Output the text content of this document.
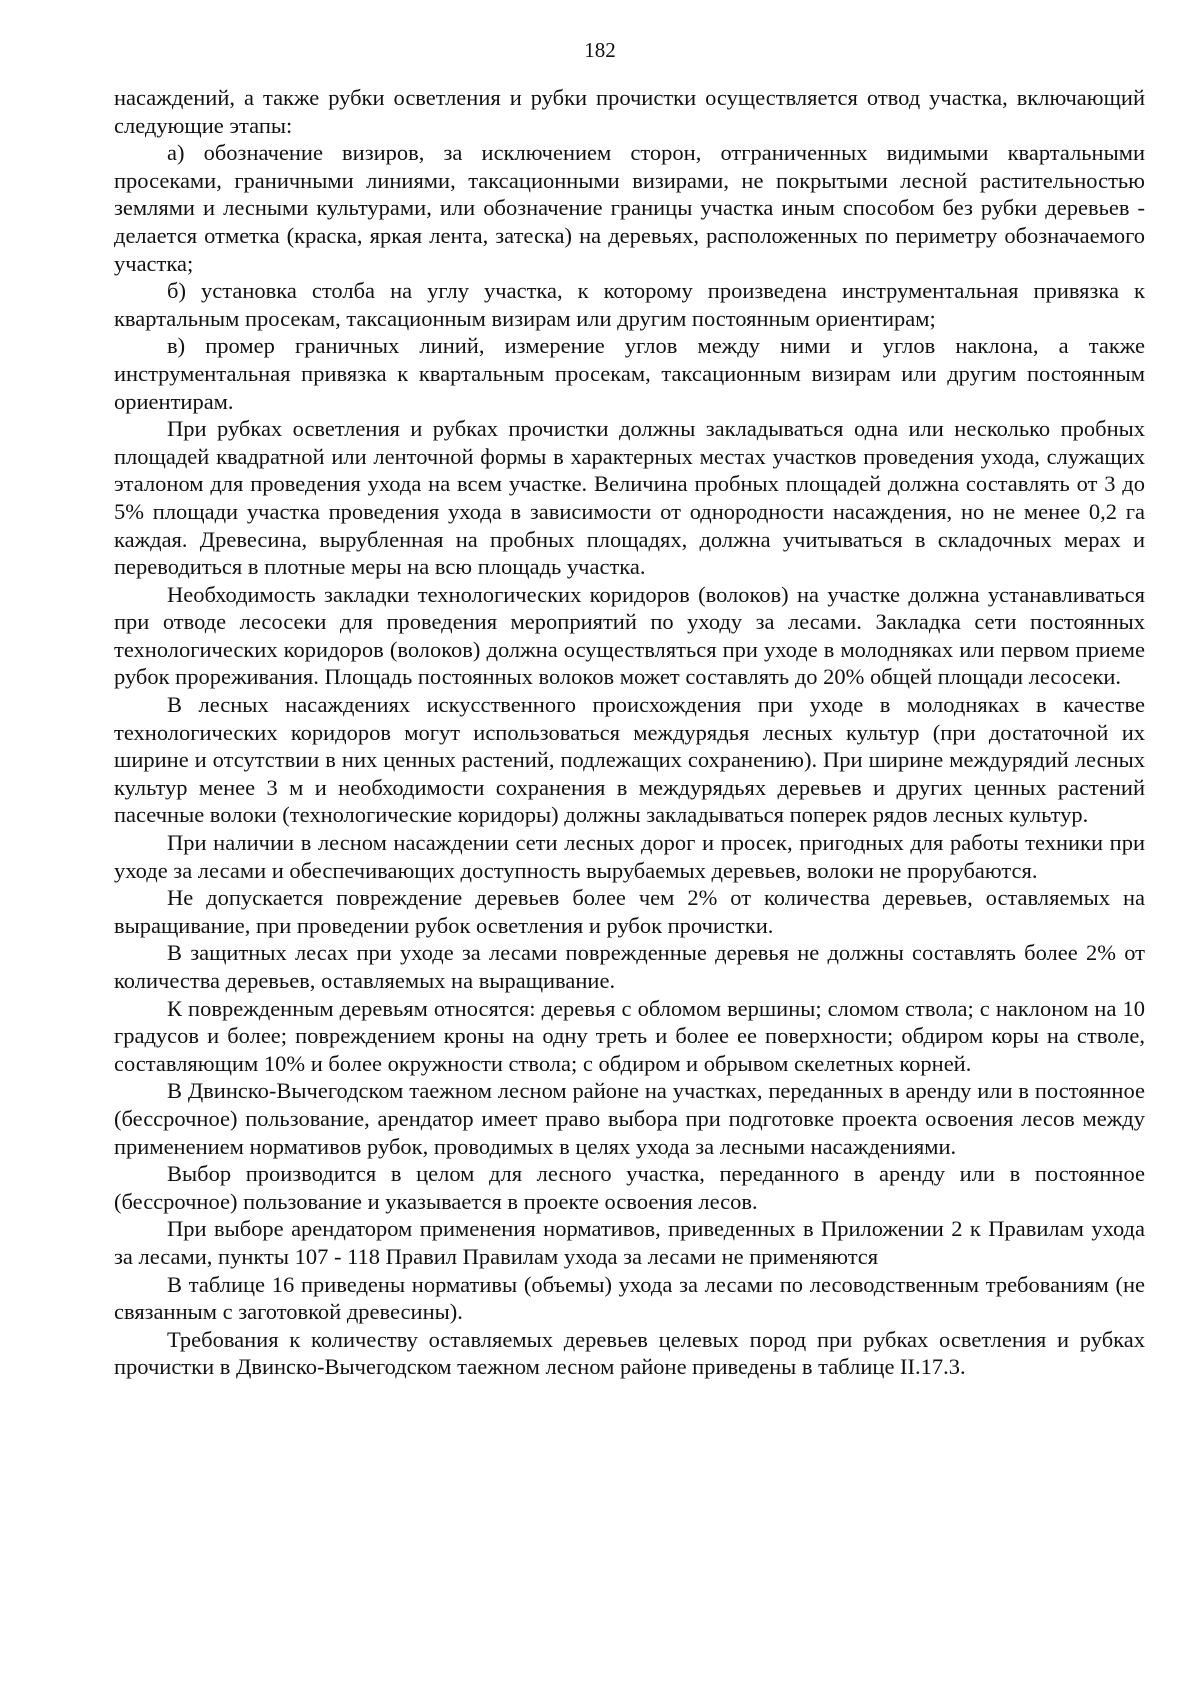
182

насаждений, а также рубки осветления и рубки прочистки осуществляется отвод участка, включающий следующие этапы:

а) обозначение визиров, за исключением сторон, отграниченных видимыми квартальными просеками, граничными линиями, таксационными визирами, не покрытыми лесной растительностью землями и лесными культурами, или обозначение границы участка иным способом без рубки деревьев - делается отметка (краска, яркая лента, затеска) на деревьях, расположенных по периметру обозначаемого участка;

б) установка столба на углу участка, к которому произведена инструментальная привязка к квартальным просекам, таксационным визирам или другим постоянным ориентирам;

в) промер граничных линий, измерение углов между ними и углов наклона, а также инструментальная привязка к квартальным просекам, таксационным визирам или другим постоянным ориентирам.

При рубках осветления и рубках прочистки должны закладываться одна или несколько пробных площадей квадратной или ленточной формы в характерных местах участков проведения ухода, служащих эталоном для проведения ухода на всем участке. Величина пробных площадей должна составлять от 3 до 5% площади участка проведения ухода в зависимости от однородности насаждения, но не менее 0,2 га каждая. Древесина, вырубленная на пробных площадях, должна учитываться в складочных мерах и переводиться в плотные меры на всю площадь участка.

Необходимость закладки технологических коридоров (волоков) на участке должна устанавливаться при отводе лесосеки для проведения мероприятий по уходу за лесами. Закладка сети постоянных технологических коридоров (волоков) должна осуществляться при уходе в молодняках или первом приеме рубок прореживания. Площадь постоянных волоков может составлять до 20% общей площади лесосеки.

В лесных насаждениях искусственного происхождения при уходе в молодняках в качестве технологических коридоров могут использоваться междурядья лесных культур (при достаточной их ширине и отсутствии в них ценных растений, подлежащих сохранению). При ширине междурядий лесных культур менее 3 м и необходимости сохранения в междурядьях деревьев и других ценных растений пасечные волоки (технологические коридоры) должны закладываться поперек рядов лесных культур.

При наличии в лесном насаждении сети лесных дорог и просек, пригодных для работы техники при уходе за лесами и обеспечивающих доступность вырубаемых деревьев, волоки не прорубаются.

Не допускается повреждение деревьев более чем 2% от количества деревьев, оставляемых на выращивание, при проведении рубок осветления и рубок прочистки.

В защитных лесах при уходе за лесами поврежденные деревья не должны составлять более 2% от количества деревьев, оставляемых на выращивание.

К поврежденным деревьям относятся: деревья с обломом вершины; сломом ствола; с наклоном на 10 градусов и более; повреждением кроны на одну треть и более ее поверхности; обдиром коры на стволе, составляющим 10% и более окружности ствола; с обдиром и обрывом скелетных корней.

В Двинско-Вычегодском таежном лесном районе на участках, переданных в аренду или в постоянное (бессрочное) пользование, арендатор имеет право выбора при подготовке проекта освоения лесов между применением нормативов рубок, проводимых в целях ухода за лесными насаждениями.

Выбор производится в целом для лесного участка, переданного в аренду или в постоянное (бессрочное) пользование и указывается в проекте освоения лесов.

При выборе арендатором применения нормативов, приведенных в Приложении 2 к Правилам ухода за лесами, пункты 107 - 118 Правил Правилам ухода за лесами не применяются

В таблице 16 приведены нормативы (объемы) ухода за лесами по лесоводственным требованиям (не связанным с заготовкой древесины).

Требования к количеству оставляемых деревьев целевых пород при рубках осветления и рубках прочистки в Двинско-Вычегодском таежном лесном районе приведены в таблице II.17.3.
